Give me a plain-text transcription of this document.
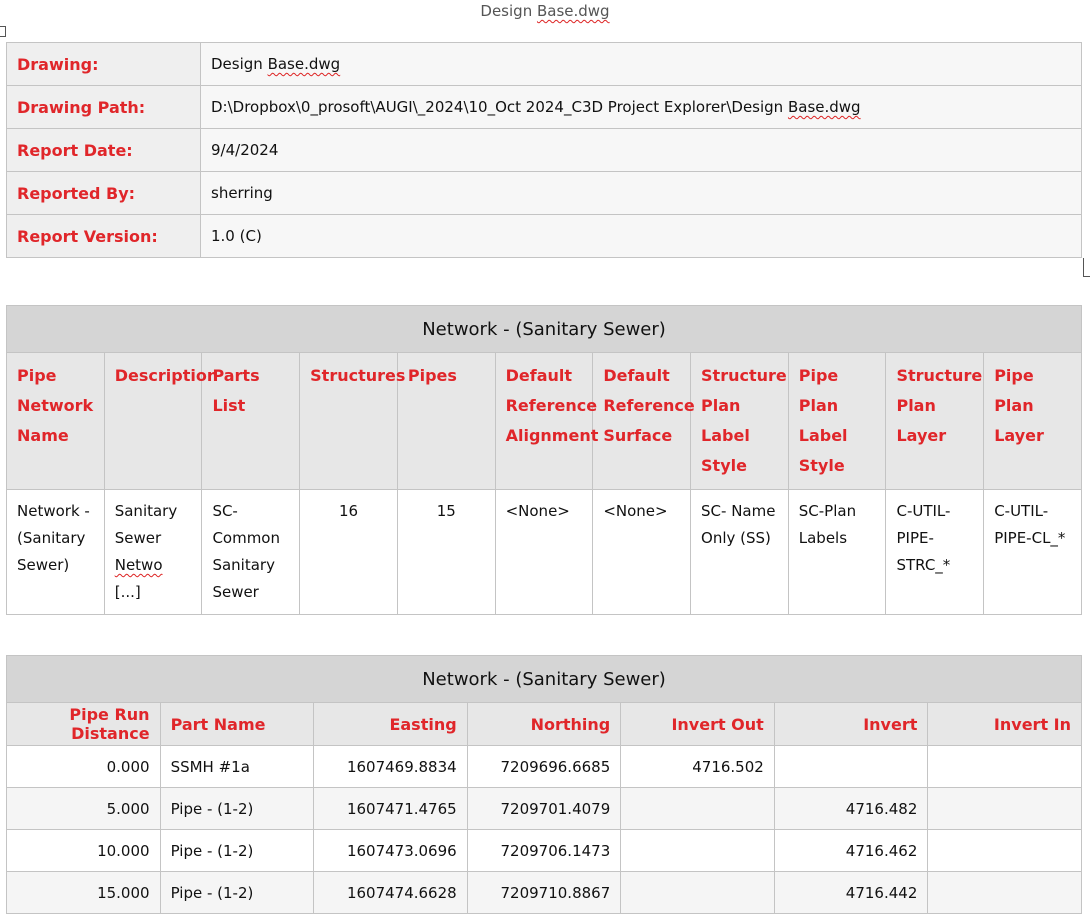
Design Base.dwg
Drawing:	Design Base.dwg
Drawing Path:	D:\Dropbox\0_prosoft\AUGI\_2024\10_Oct 2024_C3D Project Explorer\Design Base.dwg
Report Date:	9/4/2024
Reported By:	sherring
Report Version:	1.0 (C)
Network - (Sanitary Sewer)										
Pipe Network Name	Description	Parts List	Structures	Pipes	Default Reference Alignment	Default Reference Surface	Structure Plan Label Style	Pipe Plan Label Style	Structure Plan Layer	Pipe Plan Layer
Network - (Sanitary Sewer)	Sanitary Sewer Netwo [...]	SC-Common Sanitary Sewer	16	15	<None>	<None>	SC- Name Only (SS)	SC-Plan Labels	C-UTIL-PIPE-STRC_*	C-UTIL-PIPE-CL_*
Network - (Sanitary Sewer)						
Pipe Run Distance	Part Name	Easting	Northing	Invert Out	Invert	Invert In
0.000	SSMH #1a	1607469.8834	7209696.6685	4716.502		
5.000	Pipe - (1-2)	1607471.4765	7209701.4079		4716.482	
10.000	Pipe - (1-2)	1607473.0696	7209706.1473		4716.462	
15.000	Pipe - (1-2)	1607474.6628	7209710.8867		4716.442	
